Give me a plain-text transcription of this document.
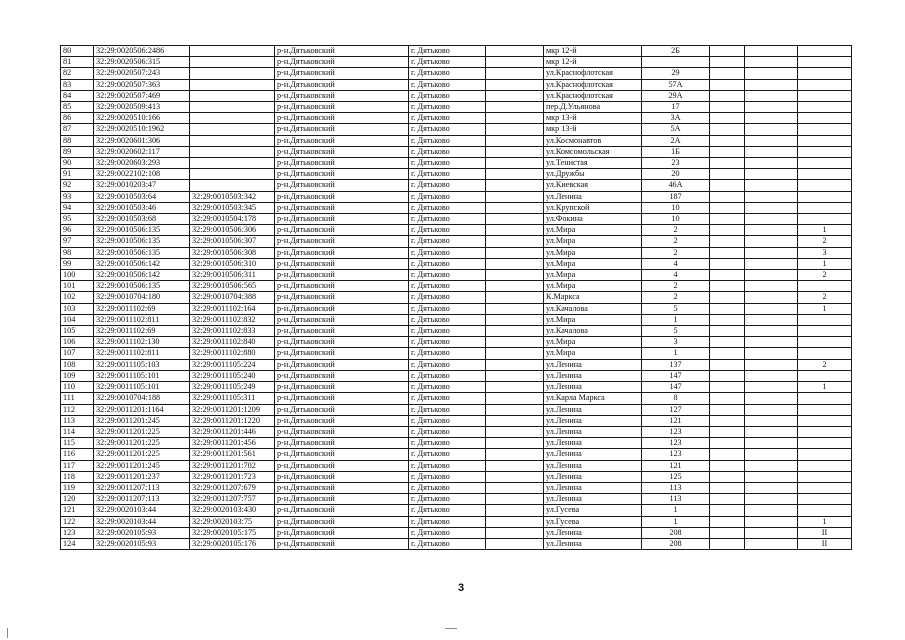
80	32:29:0020506:2486		р-н.Дятьковский	г. Дятьково		мкр 12-й	2Б			
81	32:29:0020506:315		р-н.Дятьковский	г. Дятьково		мкр 12-й				
82	32:29:0020507:243		р-н.Дятьковский	г. Дятьково		ул.Краснофлотская	29			
83	32:29:0020507:363		р-н.Дятьковский	г. Дятьково		ул.Краснофлотская	57А			
84	32:29:0020507:469		р-н.Дятьковский	г. Дятьково		ул.Краснофлотская	29А			
85	32:29:0020509:413		р-н.Дятьковский	г. Дятьково		пер.Д.Ульянова	17			
86	32:29:0020510:166		р-н.Дятьковский	г. Дятьково		мкр 13-й	3А			
87	32:29:0020510:1962		р-н.Дятьковский	г. Дятьково		мкр 13-й	5А			
88	32:29:0020601:306		р-н.Дятьковский	г. Дятьково		ул.Космонавтов	2А			
89	32:29:0020602:117		р-н.Дятьковский	г. Дятьково		ул.Комсомольская	1Б			
90	32:29:0020603:293		р-н.Дятьковский	г. Дятьково		ул.Тенистая	23			
91	32:29:0022102:108		р-н.Дятьковский	г. Дятьково		ул.Дружбы	20			
92	32:29:0010203:47		р-н.Дятьковский	г. Дятьково		ул.Киевская	46А			
93	32:29:0010503:64	32:29:0010503:342	р-н.Дятьковский	г. Дятьково		ул.Ленина	187			
94	32:29:0010503:46	32:29:0010503:345	р-н.Дятьковский	г. Дятьково		ул.Крупской	10			
95	32:29:0010503:68	32:29:0010504:178	р-н.Дятьковский	г. Дятьково		ул.Фокина	10			
96	32:29:0010506:135	32:29:0010506:306	р-н.Дятьковский	г. Дятьково		ул.Мира	2			1
97	32:29:0010506:135	32:29:0010506:307	р-н.Дятьковский	г. Дятьково		ул.Мира	2			2
98	32:29:0010506:135	32:29:0010506:308	р-н.Дятьковский	г. Дятьково		ул.Мира	2			3
99	32:29:0010506:142	32:29:0010506:310	р-н.Дятьковский	г. Дятьково		ул.Мира	4			1
100	32:29:0010506:142	32:29:0010506:311	р-н.Дятьковский	г. Дятьково		ул.Мира	4			2
101	32:29:0010506:135	32:29:0010506:565	р-н.Дятьковский	г. Дятьково		ул.Мира	2			
102	32:29:0010704:180	32:29:0010704:388	р-н.Дятьковский	г. Дятьково		К.Маркса	2			2
103	32:29:0011102:69	32:29:0011102:164	р-н.Дятьковский	г. Дятьково		ул.Качалова	5			1
104	32:29:0011102:811	32:29:0011102:832	р-н.Дятьковский	г. Дятьково		ул.Мира	1			
105	32:29:0011102:69	32:29:0011102:833	р-н.Дятьковский	г. Дятьково		ул.Качалова	5			
106	32:29:0011102:130	32:29:0011102:840	р-н.Дятьковский	г. Дятьково		ул.Мира	3			
107	32:29:0011102:811	32:29:0011102:880	р-н.Дятьковский	г. Дятьково		ул.Мира	1			
108	32:29:0011105:103	32:29:0011105:224	р-н.Дятьковский	г. Дятьково		ул.Ленина	137			2
109	32:29:0011105:101	32:29:0011105:240	р-н.Дятьковский	г. Дятьково		ул.Ленина	147			
110	32:29:0011105:101	32:29:0011105:249	р-н.Дятьковский	г. Дятьково		ул.Ленина	147			1
111	32:29:0010704:188	32:29:0011105:311	р-н.Дятьковский	г. Дятьково		ул.Карла Маркса	8			
112	32:29:0011201:1164	32:29:0011201:1209	р-н.Дятьковский	г. Дятьково		ул.Ленина	127			
113	32:29:0011201:245	32:29:0011201:1220	р-н.Дятьковский	г. Дятьково		ул.Ленина	121			
114	32:29:0011201:225	32:29:0011201:446	р-н.Дятьковский	г. Дятьково		ул.Ленина	123			
115	32:29:0011201:225	32:29:0011201:456	р-н.Дятьковский	г. Дятьково		ул.Ленина	123			
116	32:29:0011201:225	32:29:0011201:561	р-н.Дятьковский	г. Дятьково		ул.Ленина	123			
117	32:29:0011201:245	32:29:0011201:702	р-н.Дятьковский	г. Дятьково		ул.Ленина	121			
118	32:29:0011201:237	32:29:0011201:723	р-н.Дятьковский	г. Дятьково		ул.Ленина	125			
119	32:29:0011207:113	32:29:0011207:679	р-н.Дятьковский	г. Дятьково		ул.Ленина	113			
120	32:29:0011207:113	32:29:0011207:757	р-н.Дятьковский	г. Дятьково		ул.Ленина	113			
121	32:29:0020103:44	32:29:0020103:430	р-н.Дятьковский	г. Дятьково		ул.Гусева	1			
122	32:29:0020103:44	32:29:0020103:75	р-н.Дятьковский	г. Дятьково		ул.Гусева	1			1
123	32:29:0020105:93	32:29:0020105:175	р-н.Дятьковский	г. Дятьково		ул.Ленина	208			II
124	32:29:0020105:93	32:29:0020105:176	р-н.Дятьковский	г. Дятьково		ул.Ленина	208			II
3
